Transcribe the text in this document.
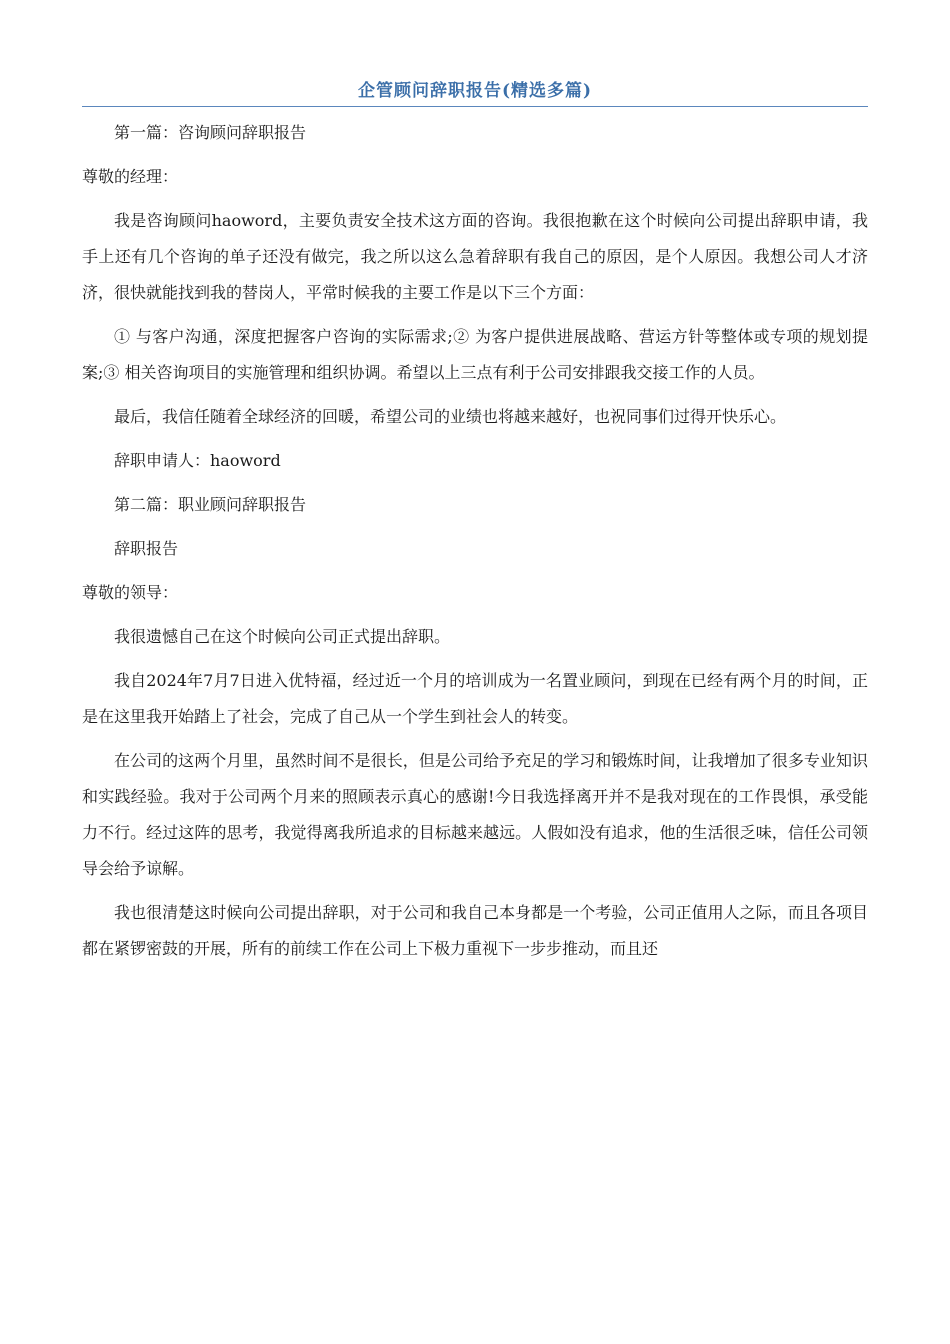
企管顾问辞职报告(精选多篇)

第一篇：咨询顾问辞职报告

尊敬的经理：

我是咨询顾问haoword，主要负责安全技术这方面的咨询。我很抱歉在这个时候向公司提出辞职申请，我手上还有几个咨询的单子还没有做完，我之所以这么急着辞职有我自己的原因，是个人原因。我想公司人才济济，很快就能找到我的替岗人，平常时候我的主要工作是以下三个方面：

① 与客户沟通，深度把握客户咨询的实际需求;② 为客户提供进展战略、营运方针等整体或专项的规划提案;③ 相关咨询项目的实施管理和组织协调。希望以上三点有利于公司安排跟我交接工作的人员。

最后，我信任随着全球经济的回暖，希望公司的业绩也将越来越好，也祝同事们过得开快乐心。

辞职申请人：haoword

第二篇：职业顾问辞职报告

辞职报告

尊敬的领导：

我很遗憾自己在这个时候向公司正式提出辞职。

我自2024年7月7日进入优特福，经过近一个月的培训成为一名置业顾问，到现在已经有两个月的时间，正是在这里我开始踏上了社会，完成了自己从一个学生到社会人的转变。

在公司的这两个月里，虽然时间不是很长，但是公司给予充足的学习和锻炼时间，让我增加了很多专业知识和实践经验。我对于公司两个月来的照顾表示真心的感谢!今日我选择离开并不是我对现在的工作畏惧，承受能力不行。经过这阵的思考，我觉得离我所追求的目标越来越远。人假如没有追求，他的生活很乏味，信任公司领导会给予谅解。

我也很清楚这时候向公司提出辞职，对于公司和我自己本身都是一个考验，公司正值用人之际，而且各项目都在紧锣密鼓的开展，所有的前续工作在公司上下极力重视下一步步推动，而且还
